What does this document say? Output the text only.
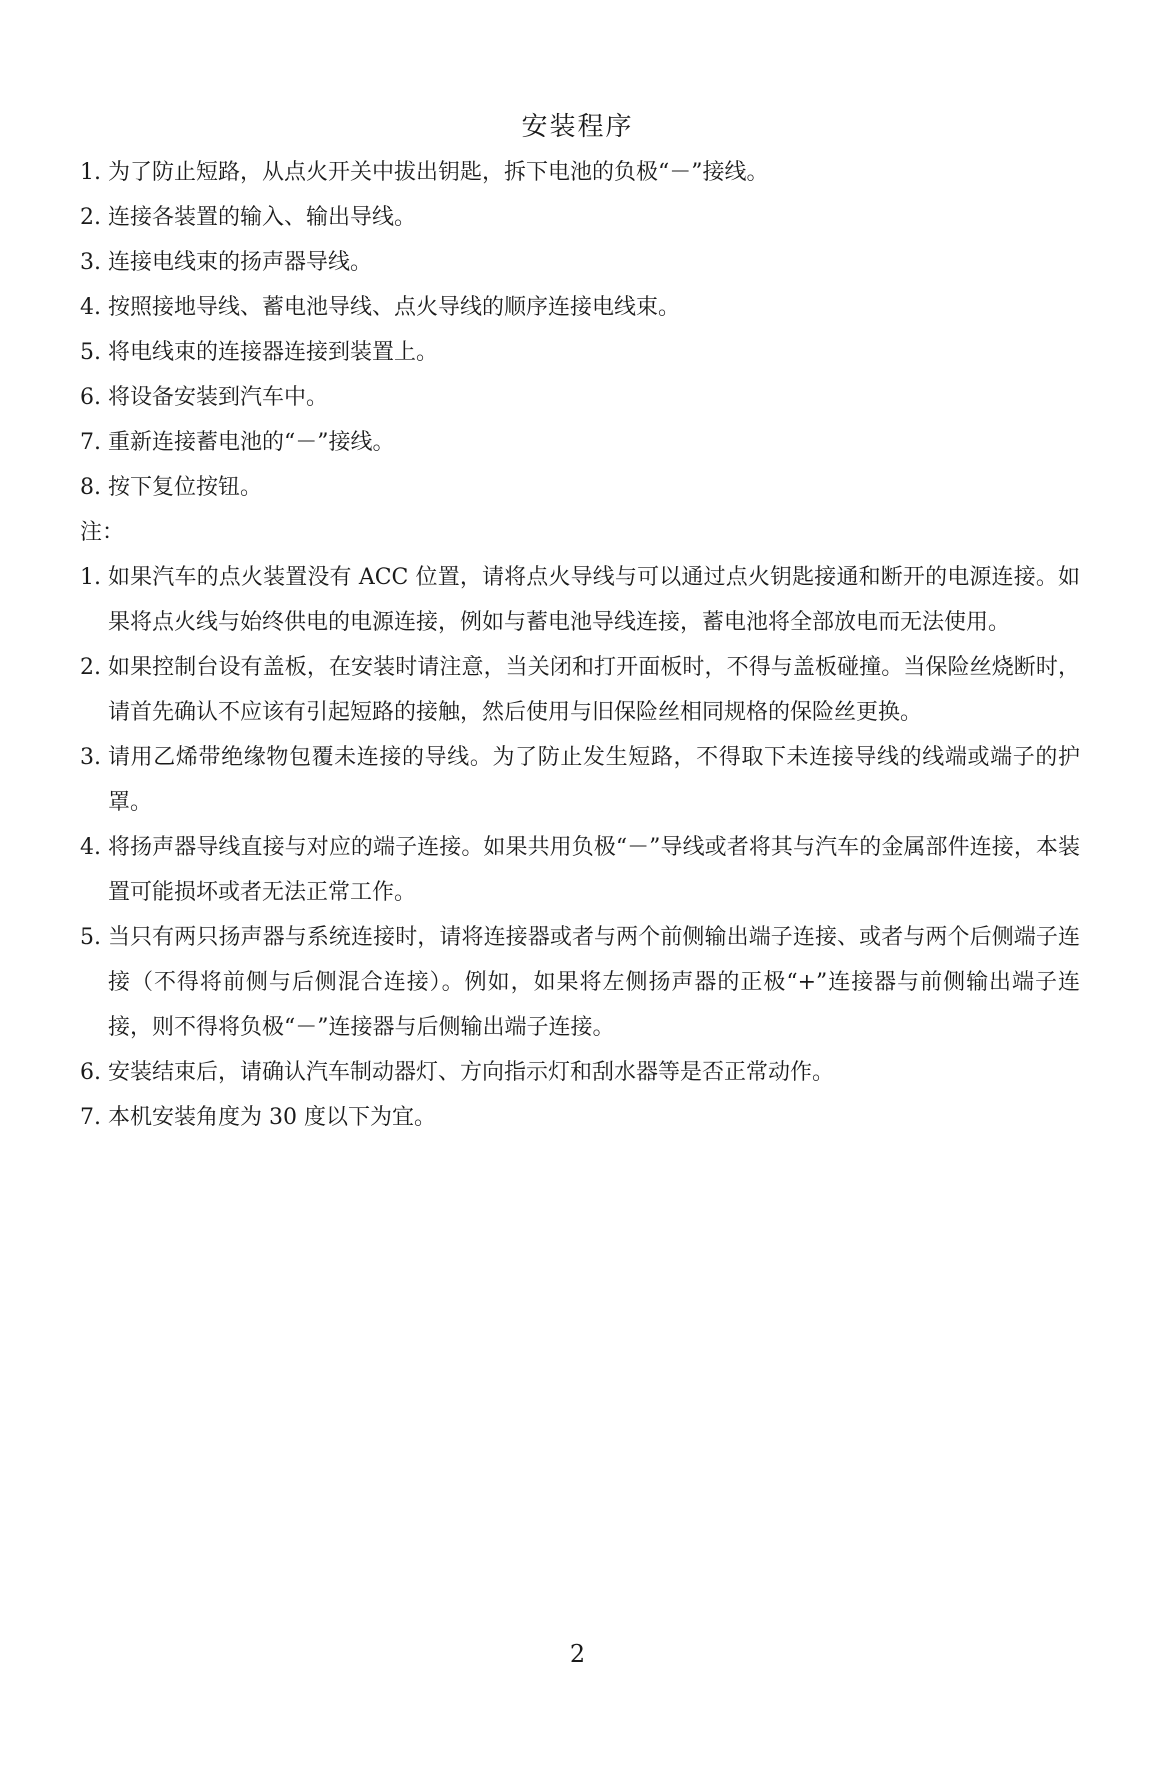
安装程序
1. 为了防止短路，从点火开关中拔出钥匙，拆下电池的负极“－”接线。
2. 连接各装置的输入、输出导线。
3. 连接电线束的扬声器导线。
4. 按照接地导线、蓄电池导线、点火导线的顺序连接电线束。
5. 将电线束的连接器连接到装置上。
6. 将设备安装到汽车中。
7. 重新连接蓄电池的“－”接线。
8. 按下复位按钮。
注：
1. 如果汽车的点火装置没有 ACC 位置，请将点火导线与可以通过点火钥匙接通和断开的电源连接。如果将点火线与始终供电的电源连接，例如与蓄电池导线连接，蓄电池将全部放电而无法使用。
2. 如果控制台设有盖板，在安装时请注意，当关闭和打开面板时，不得与盖板碰撞。当保险丝烧断时，请首先确认不应该有引起短路的接触，然后使用与旧保险丝相同规格的保险丝更换。
3. 请用乙烯带绝缘物包覆未连接的导线。为了防止发生短路，不得取下未连接导线的线端或端子的护罩。
4. 将扬声器导线直接与对应的端子连接。如果共用负极“－”导线或者将其与汽车的金属部件连接，本装置可能损坏或者无法正常工作。
5. 当只有两只扬声器与系统连接时，请将连接器或者与两个前侧输出端子连接、或者与两个后侧端子连接（不得将前侧与后侧混合连接）。例如，如果将左侧扬声器的正极“+”连接器与前侧输出端子连接，则不得将负极“－”连接器与后侧输出端子连接。
6. 安装结束后，请确认汽车制动器灯、方向指示灯和刮水器等是否正常动作。
7. 本机安装角度为 30 度以下为宜。
2
